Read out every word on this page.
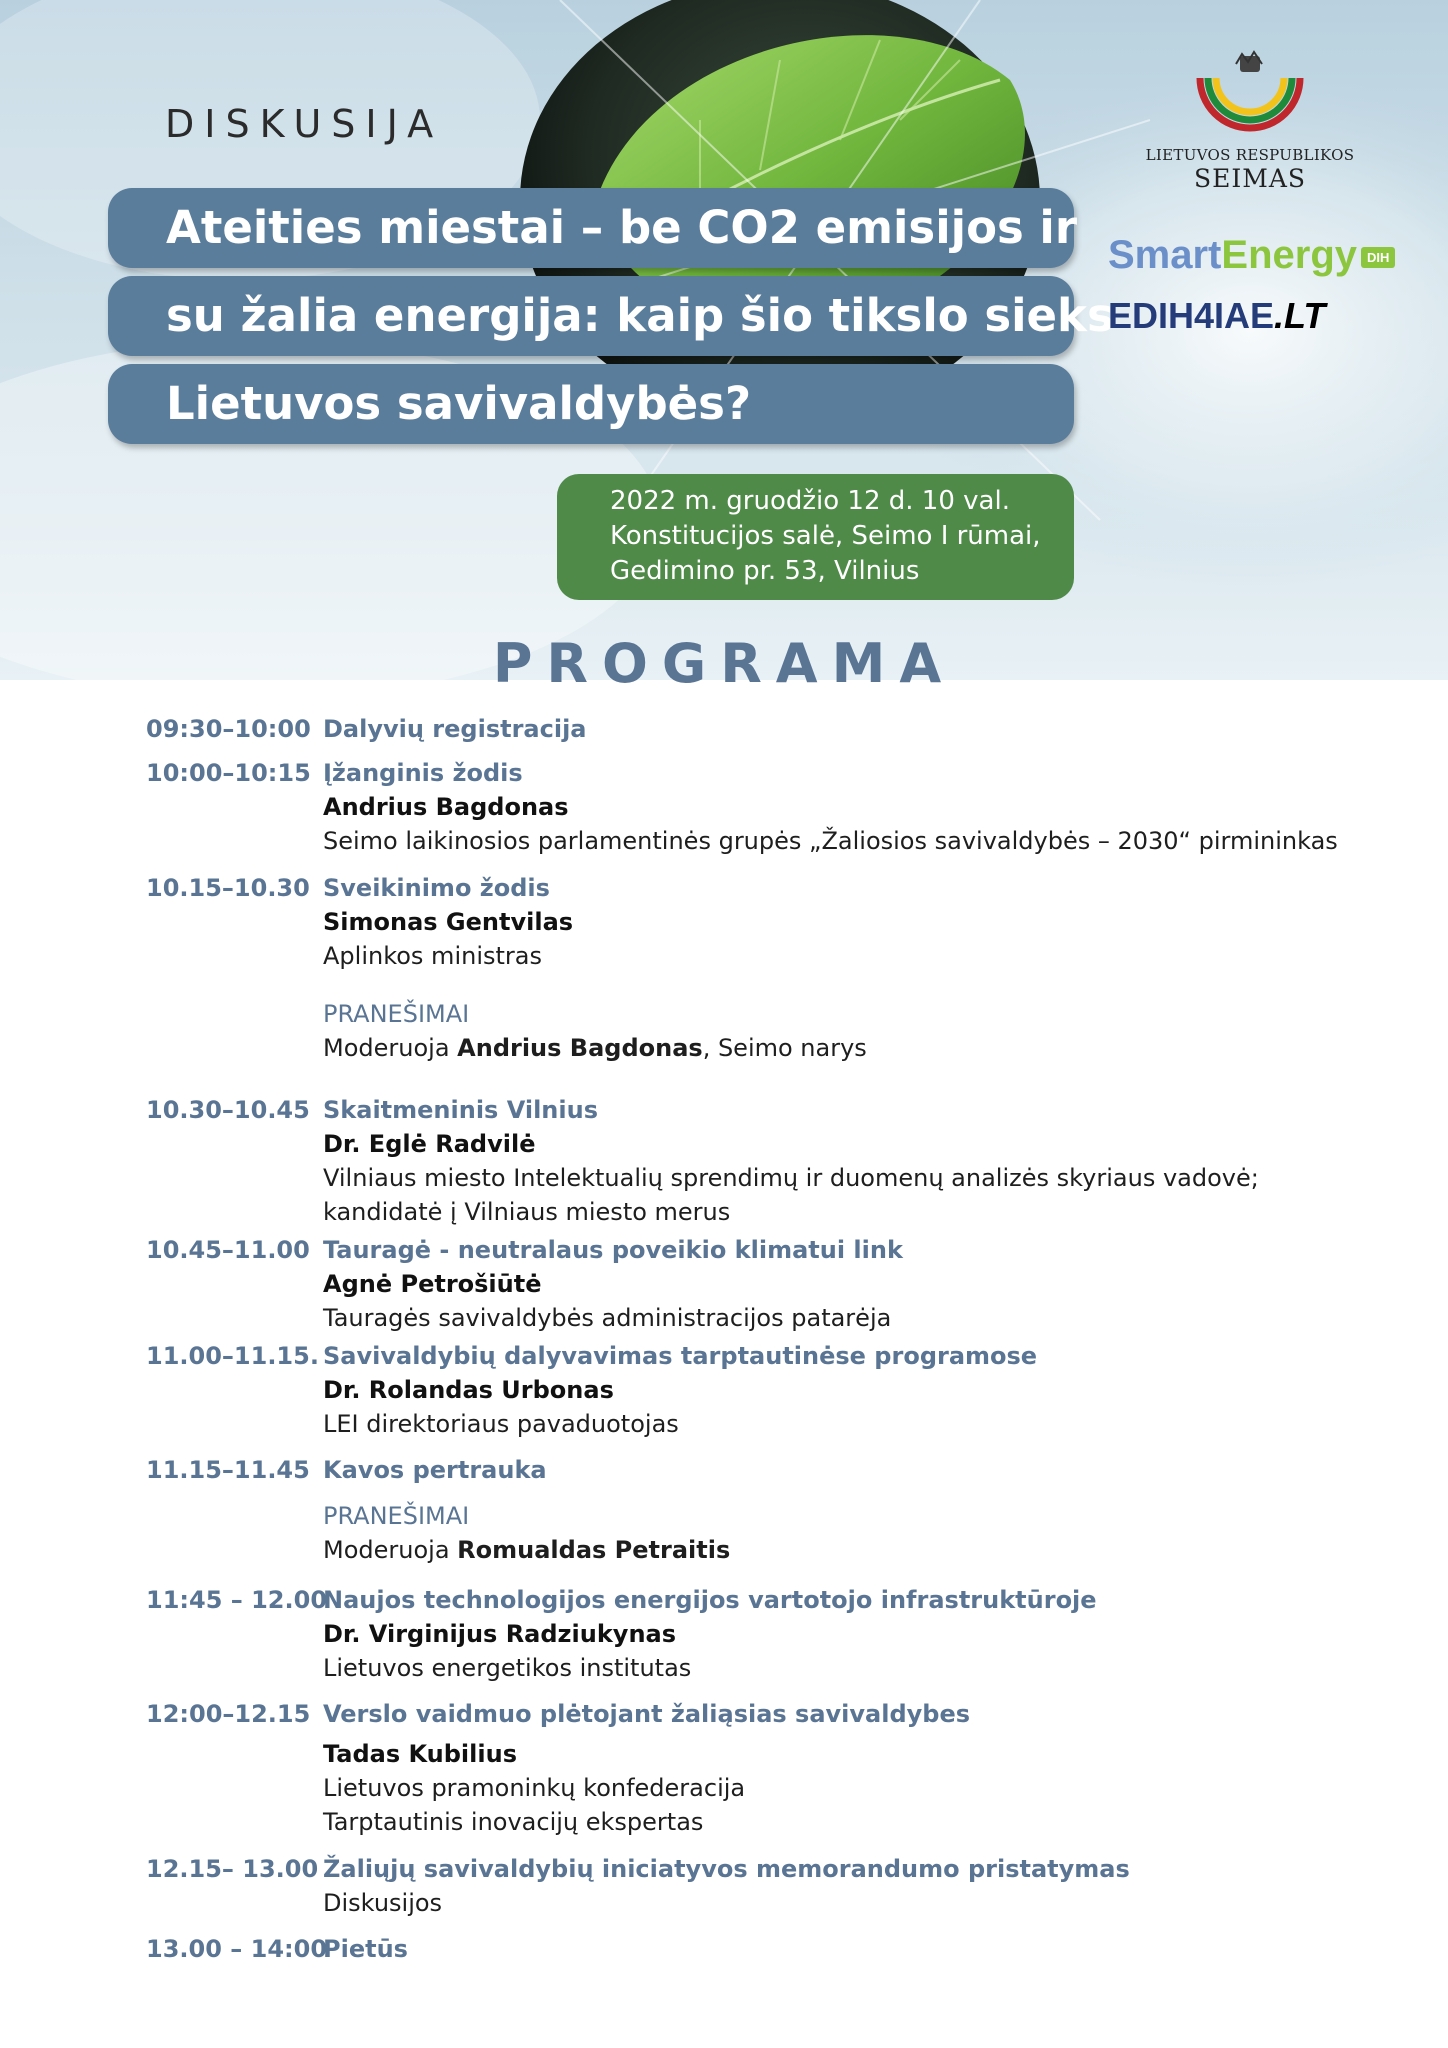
DISKUSIJA
Ateities miestai – be CO2 emisijos ir
su žalia energija: kaip šio tikslo sieks
Lietuvos savivaldybės?
LIETUVOS RESPUBLIKOS
SEIMAS
SmartEnergy DIH
EDIH4IAE.LT
2022 m. gruodžio 12 d. 10 val.
Konstitucijos salė, Seimo I rūmai,
Gedimino pr. 53, Vilnius
PROGRAMA
09:30–10:00 Dalyvių registracija
10:00–10:15 Įžanginis žodis
Andrius Bagdonas
Seimo laikinosios parlamentinės grupės „Žaliosios savivaldybės – 2030“ pirmininkas
10.15–10.30 Sveikinimo žodis
Simonas Gentvilas
Aplinkos ministras
PRANEŠIMAI
Moderuoja Andrius Bagdonas, Seimo narys
10.30–10.45 Skaitmeninis Vilnius
Dr. Eglė Radvilė
Vilniaus miesto Intelektualių sprendimų ir duomenų analizės skyriaus vadovė;
kandidatė į Vilniaus miesto merus
10.45–11.00 Tauragė - neutralaus poveikio klimatui link
Agnė Petrošiūtė
Tauragės savivaldybės administracijos patarėja
11.00–11.15. Savivaldybių dalyvavimas tarptautinėse programose
Dr. Rolandas Urbonas
LEI direktoriaus pavaduotojas
11.15–11.45 Kavos pertrauka
PRANEŠIMAI
Moderuoja Romualdas Petraitis
11:45 – 12.00
Naujos technologijos energijos vartotojo infrastruktūroje
Dr. Virginijus Radziukynas
Lietuvos energetikos institutas
12:00–12.15 Verslo vaidmuo plėtojant žaliąsias savivaldybes
Tadas Kubilius
Lietuvos pramoninkų konfederacija
Tarptautinis inovacijų ekspertas
12.15– 13.00 Žaliųjų savivaldybių iniciatyvos memorandumo pristatymas
Diskusijos
13.00 – 14:00
Pietūs
